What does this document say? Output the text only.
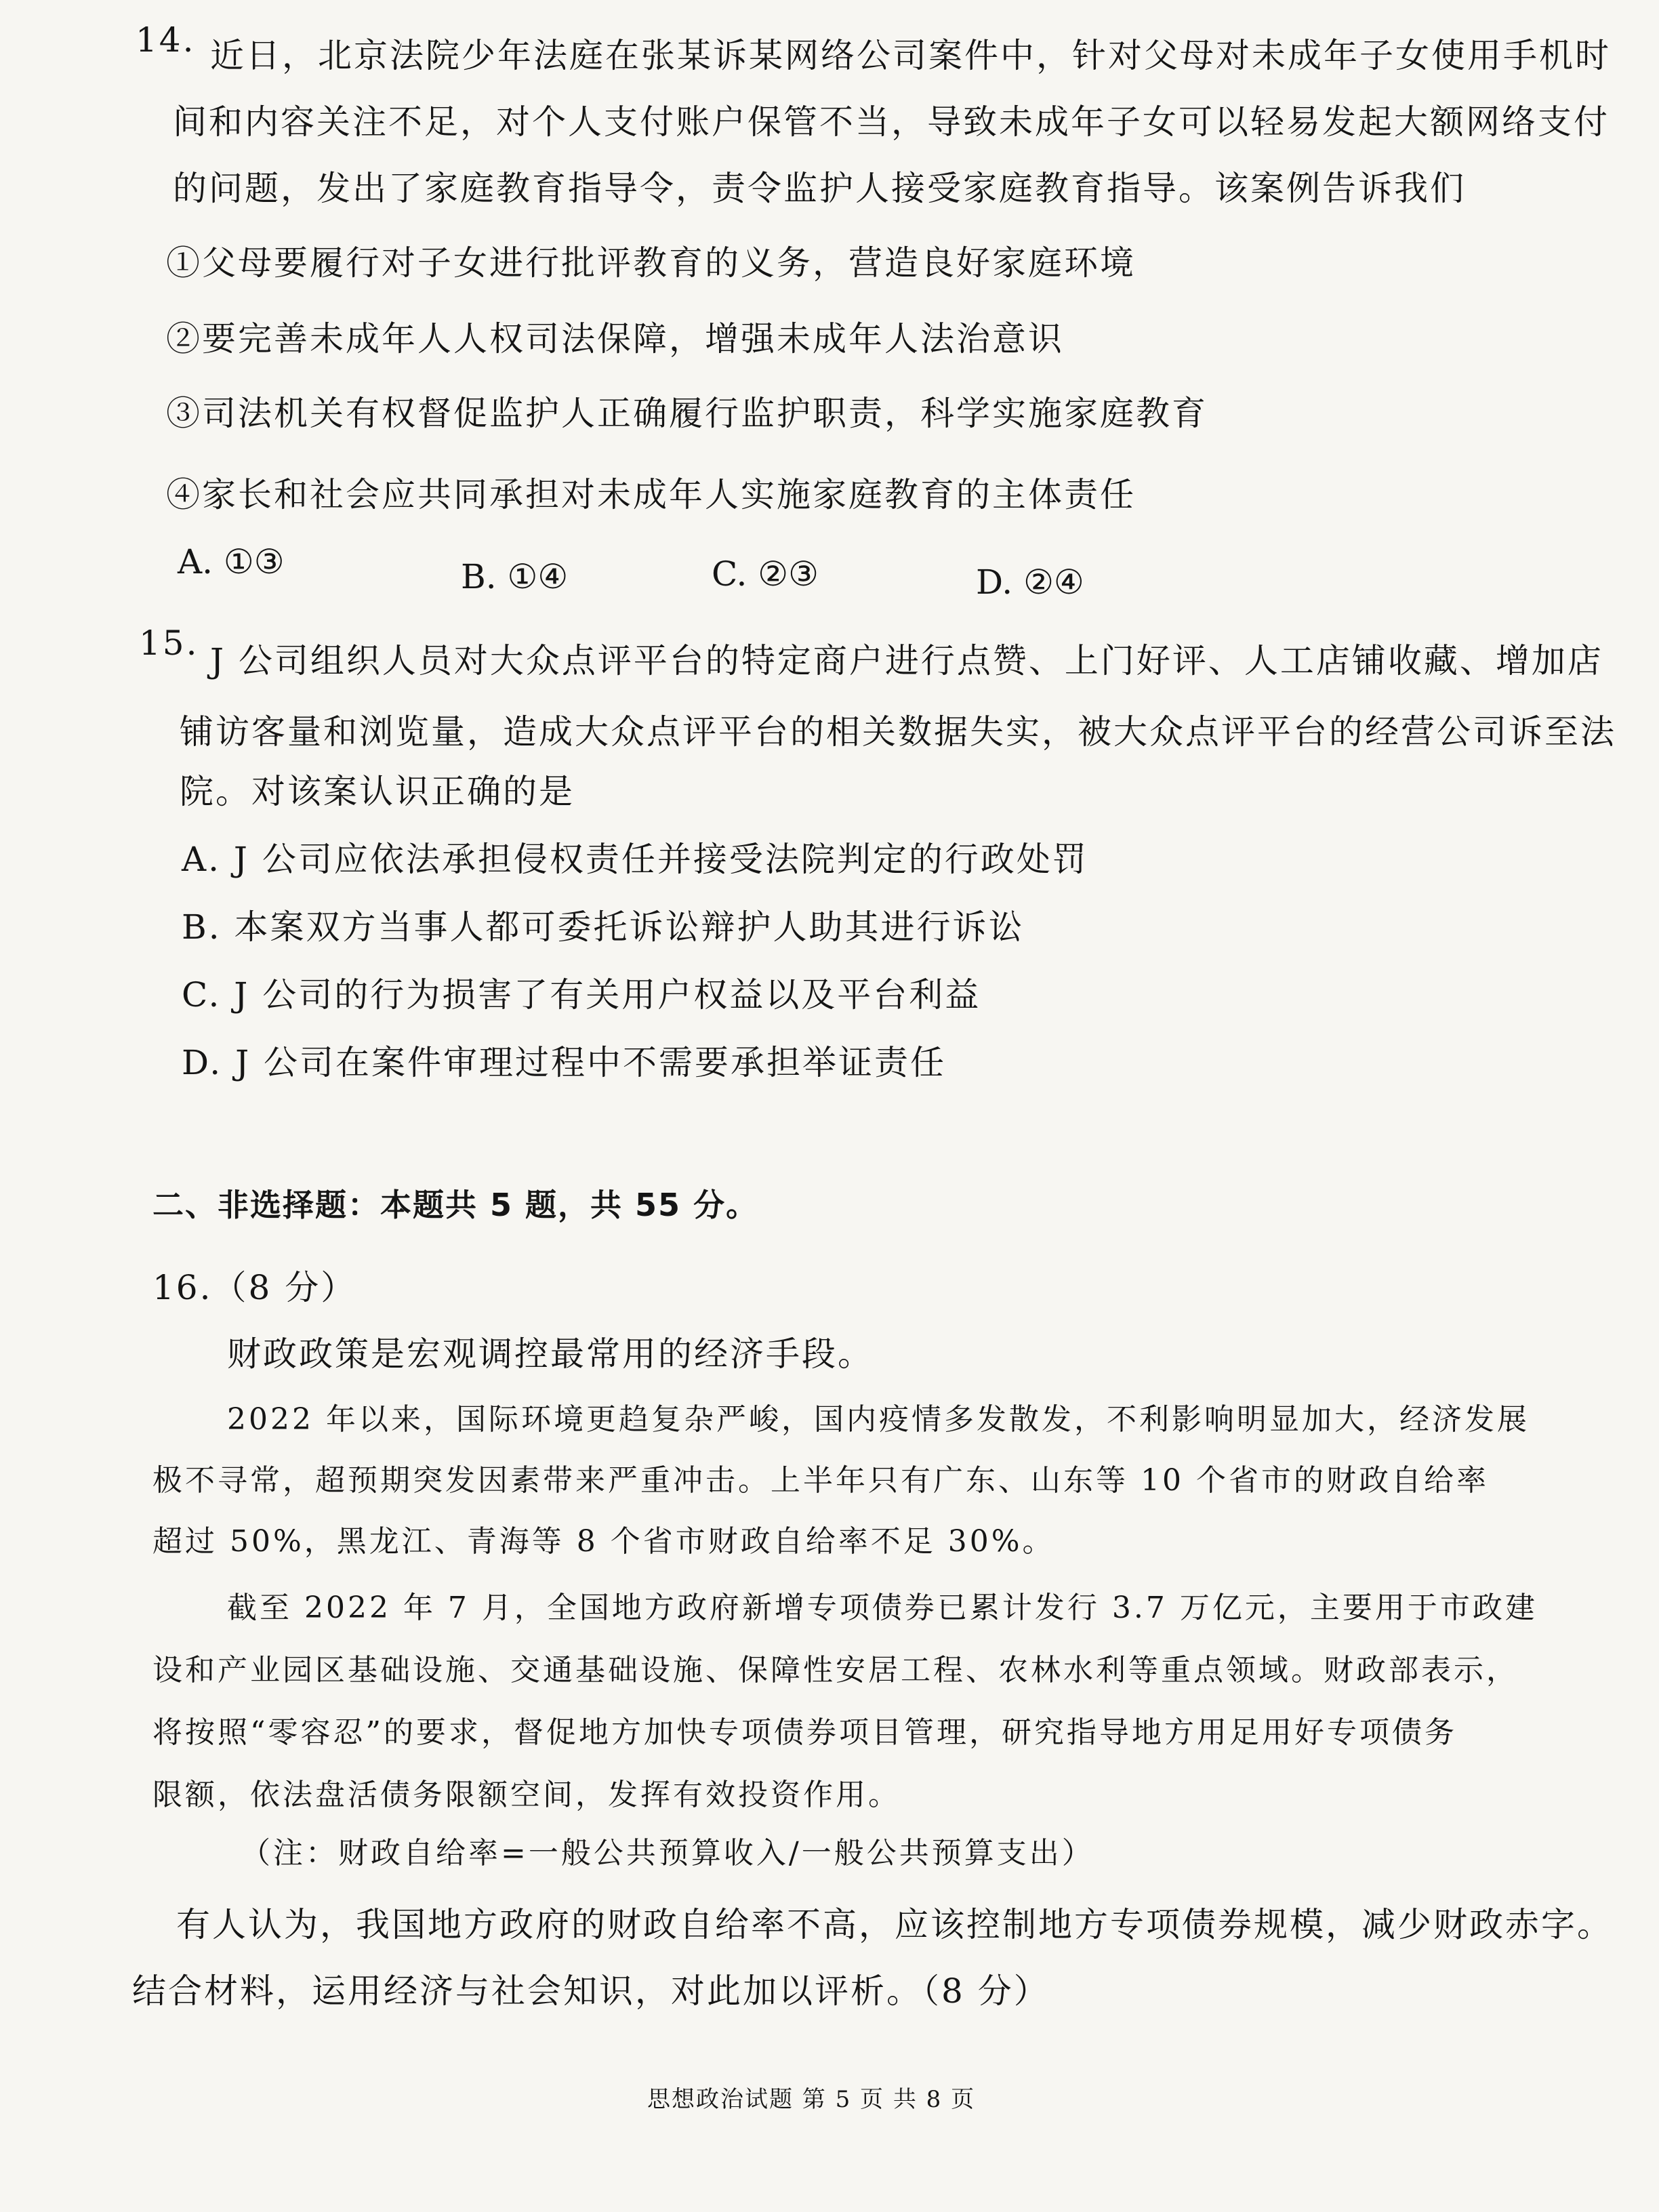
14. 近日，北京法院少年法庭在张某诉某网络公司案件中，针对父母对未成年子女使用手机时
间和内容关注不足，对个人支付账户保管不当，导致未成年子女可以轻易发起大额网络支付
的问题，发出了家庭教育指导令，责令监护人接受家庭教育指导。该案例告诉我们
①父母要履行对子女进行批评教育的义务，营造良好家庭环境
②要完善未成年人人权司法保障，增强未成年人法治意识
③司法机关有权督促监护人正确履行监护职责，科学实施家庭教育
④家长和社会应共同承担对未成年人实施家庭教育的主体责任
A. ①③	B. ①④	C. ②③	D. ②④
15. J 公司组织人员对大众点评平台的特定商户进行点赞、上门好评、人工店铺收藏、增加店
铺访客量和浏览量，造成大众点评平台的相关数据失实，被大众点评平台的经营公司诉至法
院。对该案认识正确的是
A. J 公司应依法承担侵权责任并接受法院判定的行政处罚
B. 本案双方当事人都可委托诉讼辩护人助其进行诉讼
C. J 公司的行为损害了有关用户权益以及平台利益
D. J 公司在案件审理过程中不需要承担举证责任
二、非选择题：本题共 5 题，共 55 分。
16.（8 分）
财政政策是宏观调控最常用的经济手段。
2022 年以来，国际环境更趋复杂严峻，国内疫情多发散发，不利影响明显加大，经济发展
极不寻常，超预期突发因素带来严重冲击。上半年只有广东、山东等 10 个省市的财政自给率
超过 50%，黑龙江、青海等 8 个省市财政自给率不足 30%。
截至 2022 年 7 月，全国地方政府新增专项债券已累计发行 3.7 万亿元，主要用于市政建
设和产业园区基础设施、交通基础设施、保障性安居工程、农林水利等重点领域。财政部表示，
将按照“零容忍”的要求，督促地方加快专项债券项目管理，研究指导地方用足用好专项债务
限额，依法盘活债务限额空间，发挥有效投资作用。
（注：财政自给率=一般公共预算收入/一般公共预算支出）
有人认为，我国地方政府的财政自给率不高，应该控制地方专项债券规模，减少财政赤字。
结合材料，运用经济与社会知识，对此加以评析。（8 分）
思想政治试题 第 5 页 共 8 页
